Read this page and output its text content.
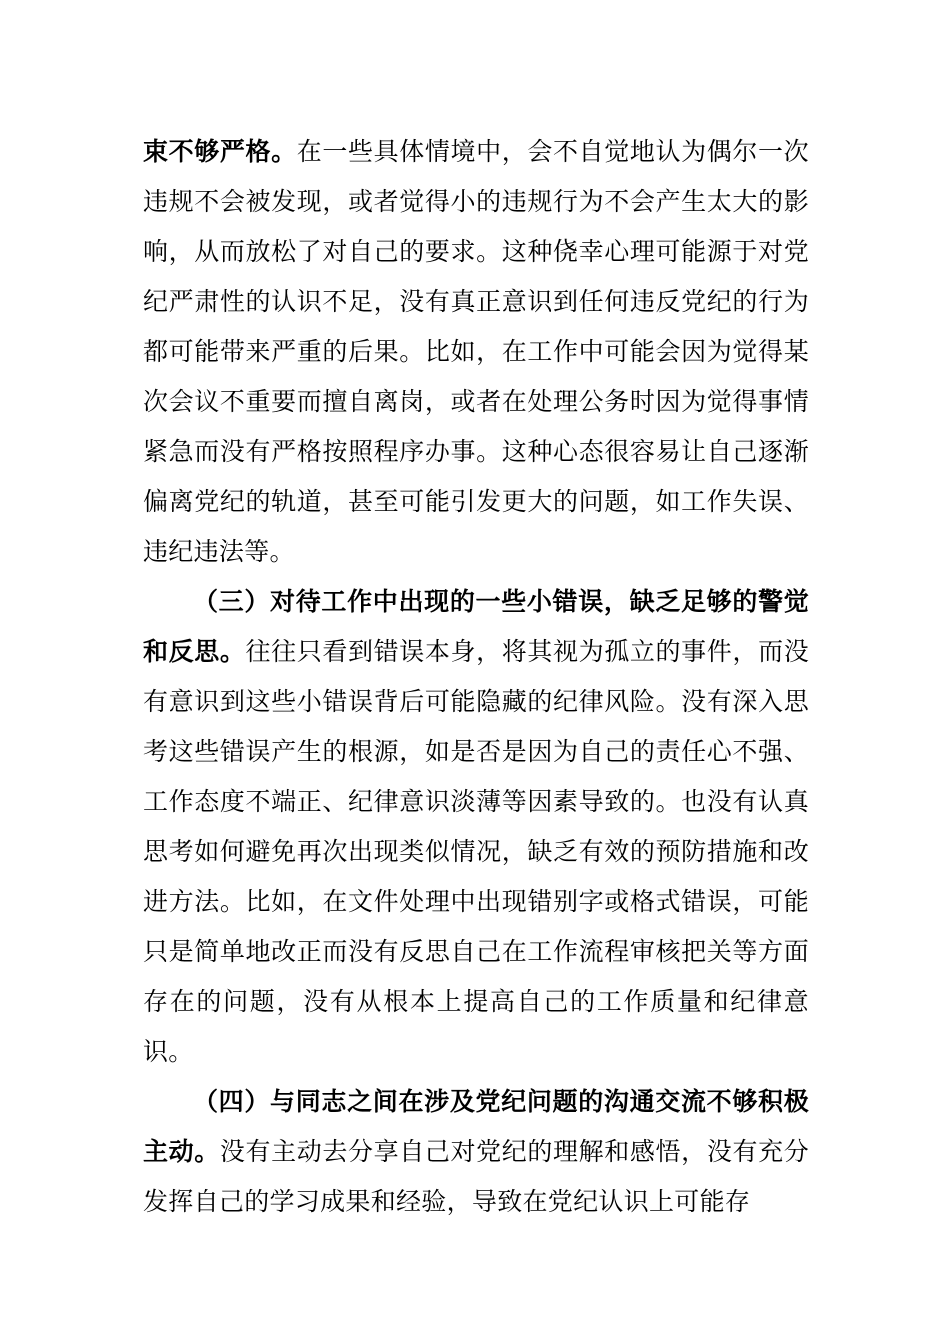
束不够严格。在一些具体情境中，会不自觉地认为偶尔一次违规不会被发现，或者觉得小的违规行为不会产生太大的影响，从而放松了对自己的要求。这种侥幸心理可能源于对党纪严肃性的认识不足，没有真正意识到任何违反党纪的行为都可能带来严重的后果。比如，在工作中可能会因为觉得某次会议不重要而擅自离岗，或者在处理公务时因为觉得事情紧急而没有严格按照程序办事。这种心态很容易让自己逐渐偏离党纪的轨道，甚至可能引发更大的问题，如工作失误、违纪违法等。

（三）对待工作中出现的一些小错误，缺乏足够的警觉和反思。往往只看到错误本身，将其视为孤立的事件，而没有意识到这些小错误背后可能隐藏的纪律风险。没有深入思考这些错误产生的根源，如是否是因为自己的责任心不强、工作态度不端正、纪律意识淡薄等因素导致的。也没有认真思考如何避免再次出现类似情况，缺乏有效的预防措施和改进方法。比如，在文件处理中出现错别字或格式错误，可能只是简单地改正而没有反思自己在工作流程审核把关等方面存在的问题，没有从根本上提高自己的工作质量和纪律意识。

（四）与同志之间在涉及党纪问题的沟通交流不够积极主动。没有主动去分享自己对党纪的理解和感悟，没有充分发挥自己的学习成果和经验，导致在党纪认识上可能存
